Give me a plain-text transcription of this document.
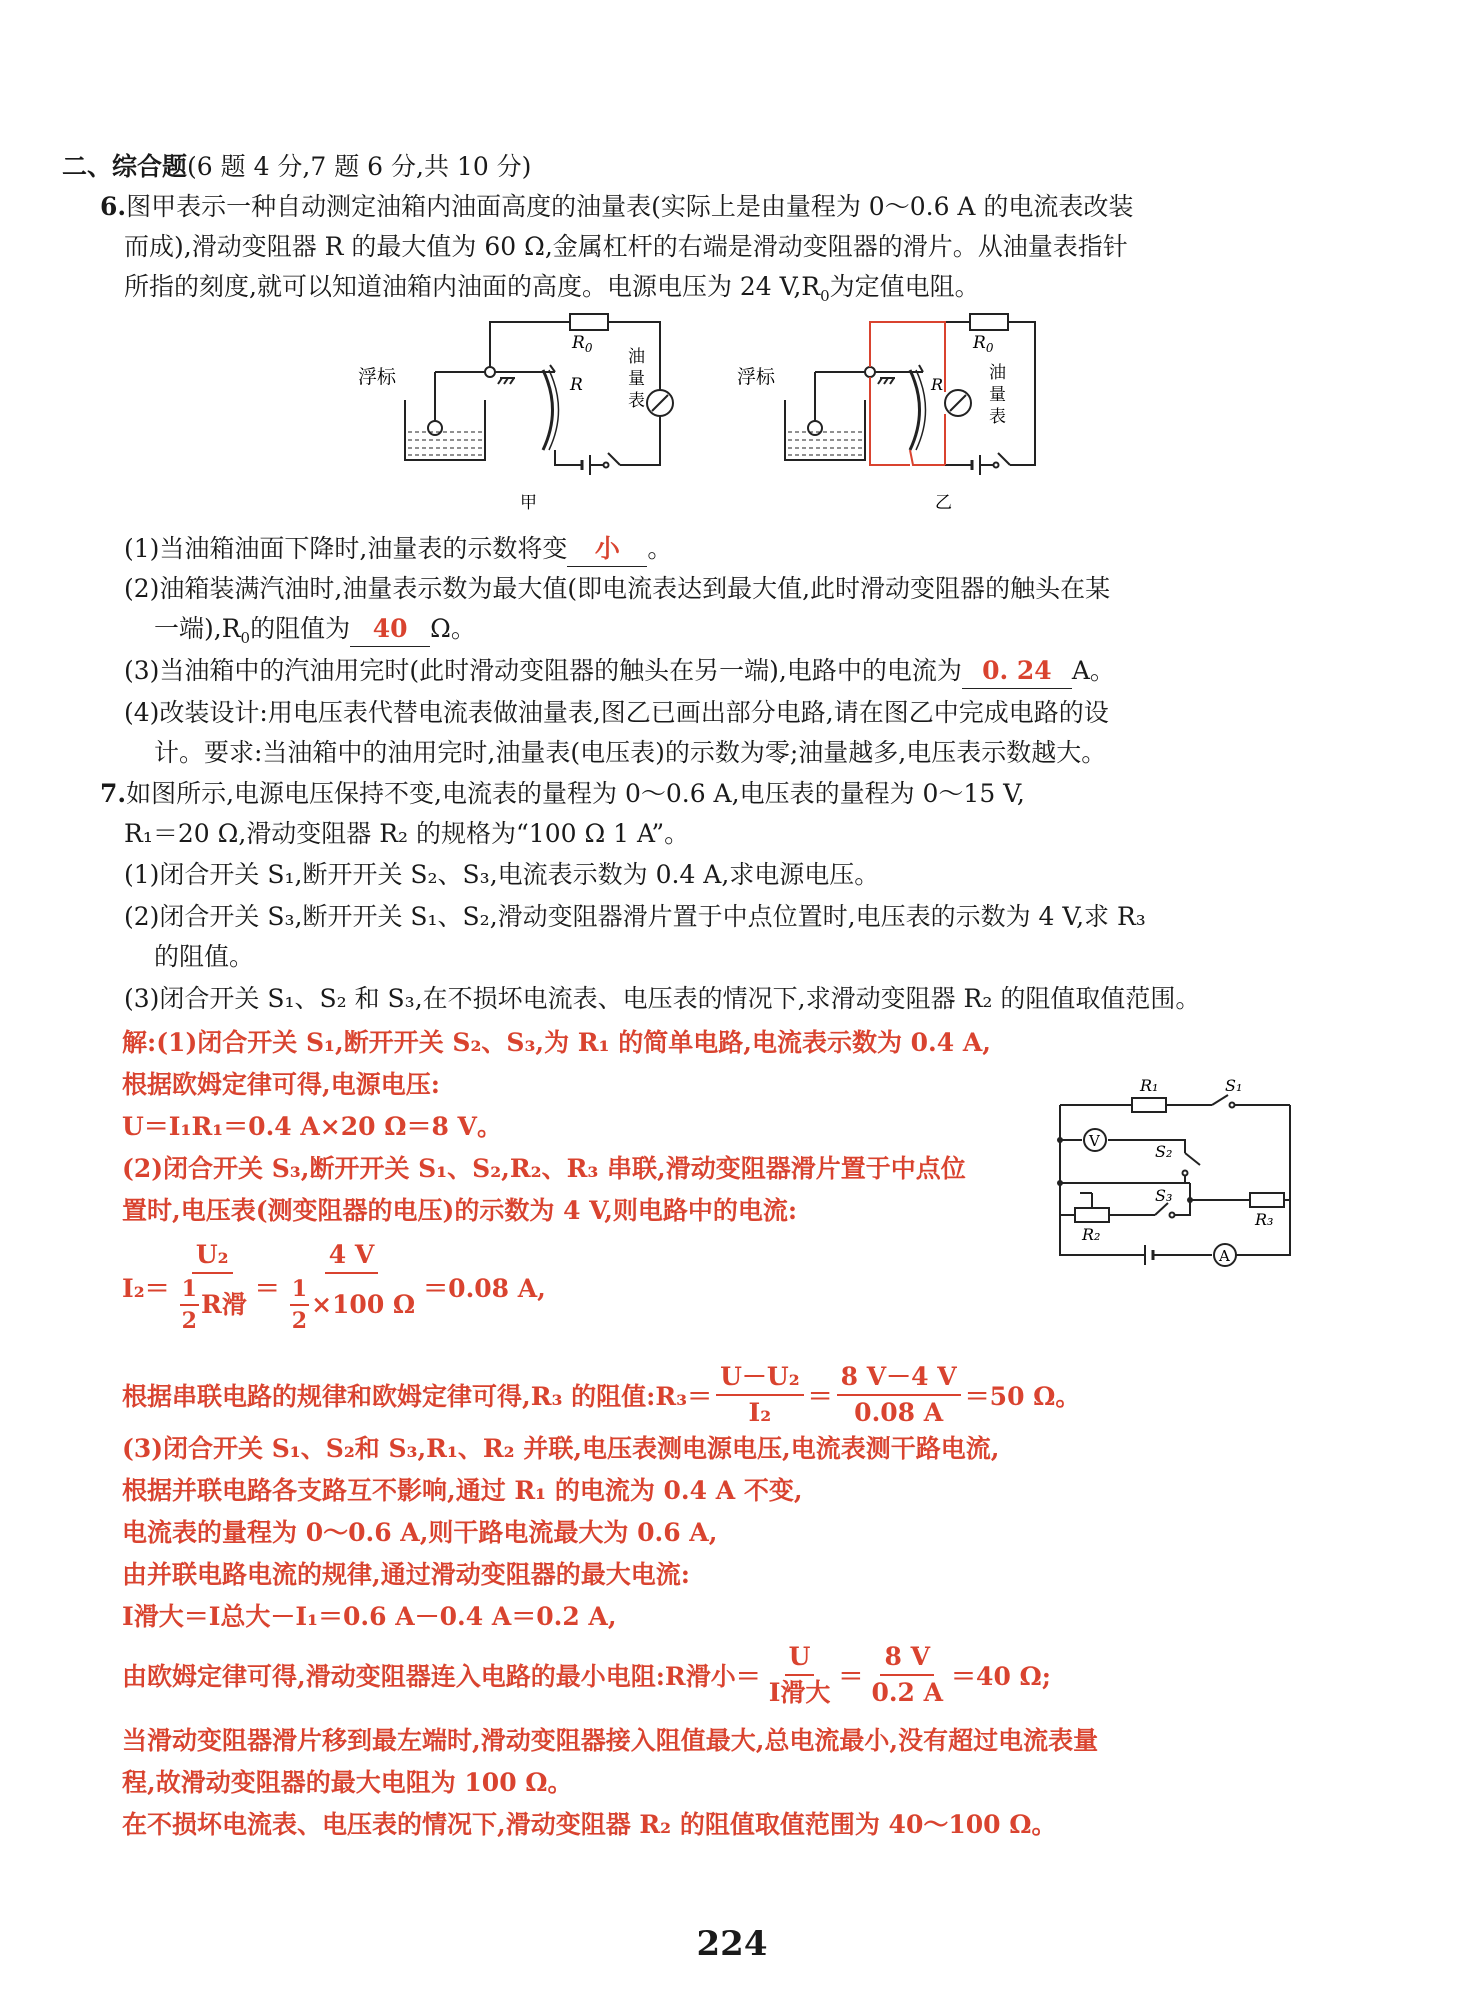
二、综合题(6 题 4 分,7 题 6 分,共 10 分)
6.图甲表示一种自动测定油箱内油面高度的油量表(实际上是由量程为 0～0.6 A 的电流表改装
而成),滑动变阻器 R 的最大值为 60 Ω,金属杠杆的右端是滑动变阻器的滑片。从油量表指针
所指的刻度,就可以知道油箱内油面的高度。电源电压为 24 $V,R_0$为定值电阻。
$R_0$
R
浮标
油
量
表
甲
$R_0$
R
浮标	油
量
表
乙
(1)当油箱油面下降时,油量表的示数将变 小 。
(2)油箱装满汽油时,油量表示数为最大值(即电流表达到最大值,此时滑动变阻器的触头在某
一端)$,R_0$的阻值为 40 Ω。
(3)当油箱中的汽油用完时(此时滑动变阻器的触头在另一端),电路中的电流为 0. 24 A。
(4)改装设计:用电压表代替电流表做油量表,图乙已画出部分电路,请在图乙中完成电路的设
计。要求:当油箱中的油用完时,油量表(电压表)的示数为零;油量越多,电压表示数越大。
7.如图所示,电源电压保持不变,电流表的量程为 0～0.6 A,电压表的量程为 0～15 V,
R₁＝20 Ω,滑动变阻器 R₂ 的规格为“100 Ω 1 A”。
(1)闭合开关 S₁,断开开关 S₂、S₃,电流表示数为 0.4 A,求电源电压。
(2)闭合开关 S₃,断开开关 S₁、S₂,滑动变阻器滑片置于中点位置时,电压表的示数为 4 V,求 R₃
的阻值。
(3)闭合开关 S₁、S₂ 和 S₃,在不损坏电流表、电压表的情况下,求滑动变阻器 R₂ 的阻值取值范围。
解:(1)闭合开关 S₁,断开开关 S₂、S₃,为 R₁ 的简单电路,电流表示数为 0.4 A,
根据欧姆定律可得,电源电压:
U＝I₁R₁＝0.4 A×20 Ω＝8 V。
(2)闭合开关 S₃,断开开关 S₁、S₂,R₂、R₃ 串联,滑动变阻器滑片置于中点位
置时,电压表(测变阻器的电压)的示数为 4 V,则电路中的电流:
V
A
R₁	S₁
S₂
S₃
R₂
R₃
$I_2= \frac{\text{U₂}}{\frac{1}{2} R滑} = \frac{4 V}{\frac{1}{2} \times 100 \Omega} =0.08$ A,
根据串联电路的规律和欧姆定律可得,R₃ 的阻值:R₃＝ $\frac{\text{U－U₂}}{\text{I₂}} = \frac{8 V-4 V}{0.08 A} =50$ Ω。
(3)闭合开关 S₁、S₂和 S₃,R₁、R₂ 并联,电压表测电源电压,电流表测干路电流,
根据并联电路各支路互不影响,通过 R₁ 的电流为 0.4 A 不变,
电流表的量程为 0～0.6 A,则干路电流最大为 0.6 A,
由并联电路电流的规律,通过滑动变阻器的最大电流:
I滑大＝I总大－I₁＝0.6 A－0.4 A＝0.2 A,
由欧姆定律可得,滑动变阻器连入电路的最小电阻:R滑小＝ $\frac{U}{\text{I滑大}} = \frac{8 V}{0.2 A} =40$ Ω;
当滑动变阻器滑片移到最左端时,滑动变阻器接入阻值最大,总电流最小,没有超过电流表量
程,故滑动变阻器的最大电阻为 100 Ω。
在不损坏电流表、电压表的情况下,滑动变阻器 R₂ 的阻值取值范围为 40～100 Ω。
224
